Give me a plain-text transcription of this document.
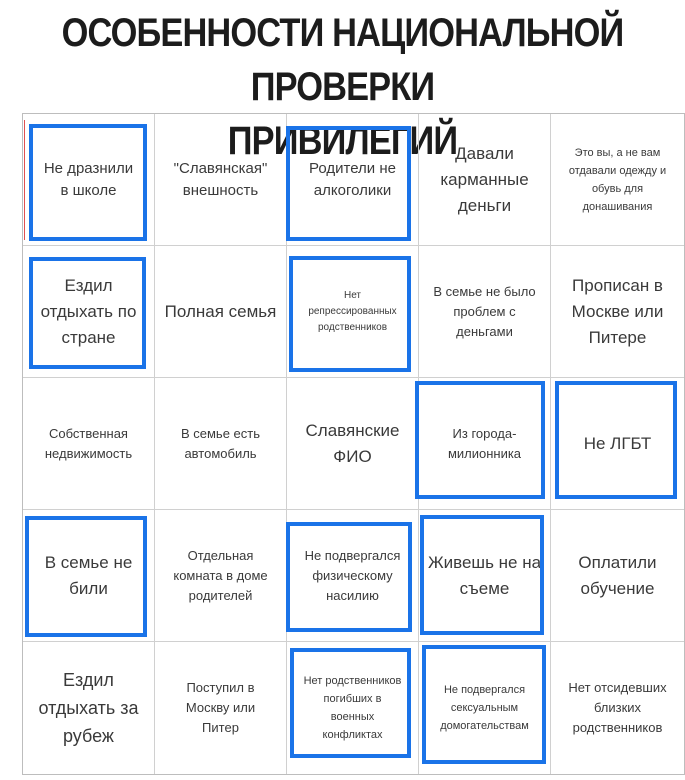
ОСОБЕННОСТИ НАЦИОНАЛЬНОЙ ПРОВЕРКИ
ПРИВИЛЕГИЙ
Не дразнили
в школе
"Славянская"
внешность
Родители не
алкоголики
Давали
карманные
деньги
Это вы, а не вам
отдавали одежду и
обувь для
донашивания
Ездил
отдыхать по
стране
Полная семья
Нет
репрессированных
родственников
В семье не было
проблем с
деньгами
Прописан в
Москве или
Питере
Собственная
недвижимость
В семье есть
автомобиль
Славянские
ФИО
Из города-
милионника
Не ЛГБТ
В семье не
били
Отдельная
комната в доме
родителей
Не подвергался
физическому
насилию
Живешь не на
съеме
Оплатили
обучение
Ездил
отдыхать за
рубеж
Поступил в
Москву или
Питер
Нет родственников
погибших в
военных
конфликтах
Не подвергался
сексуальным
домогательствам
Нет отсидевших
близких
родственников
